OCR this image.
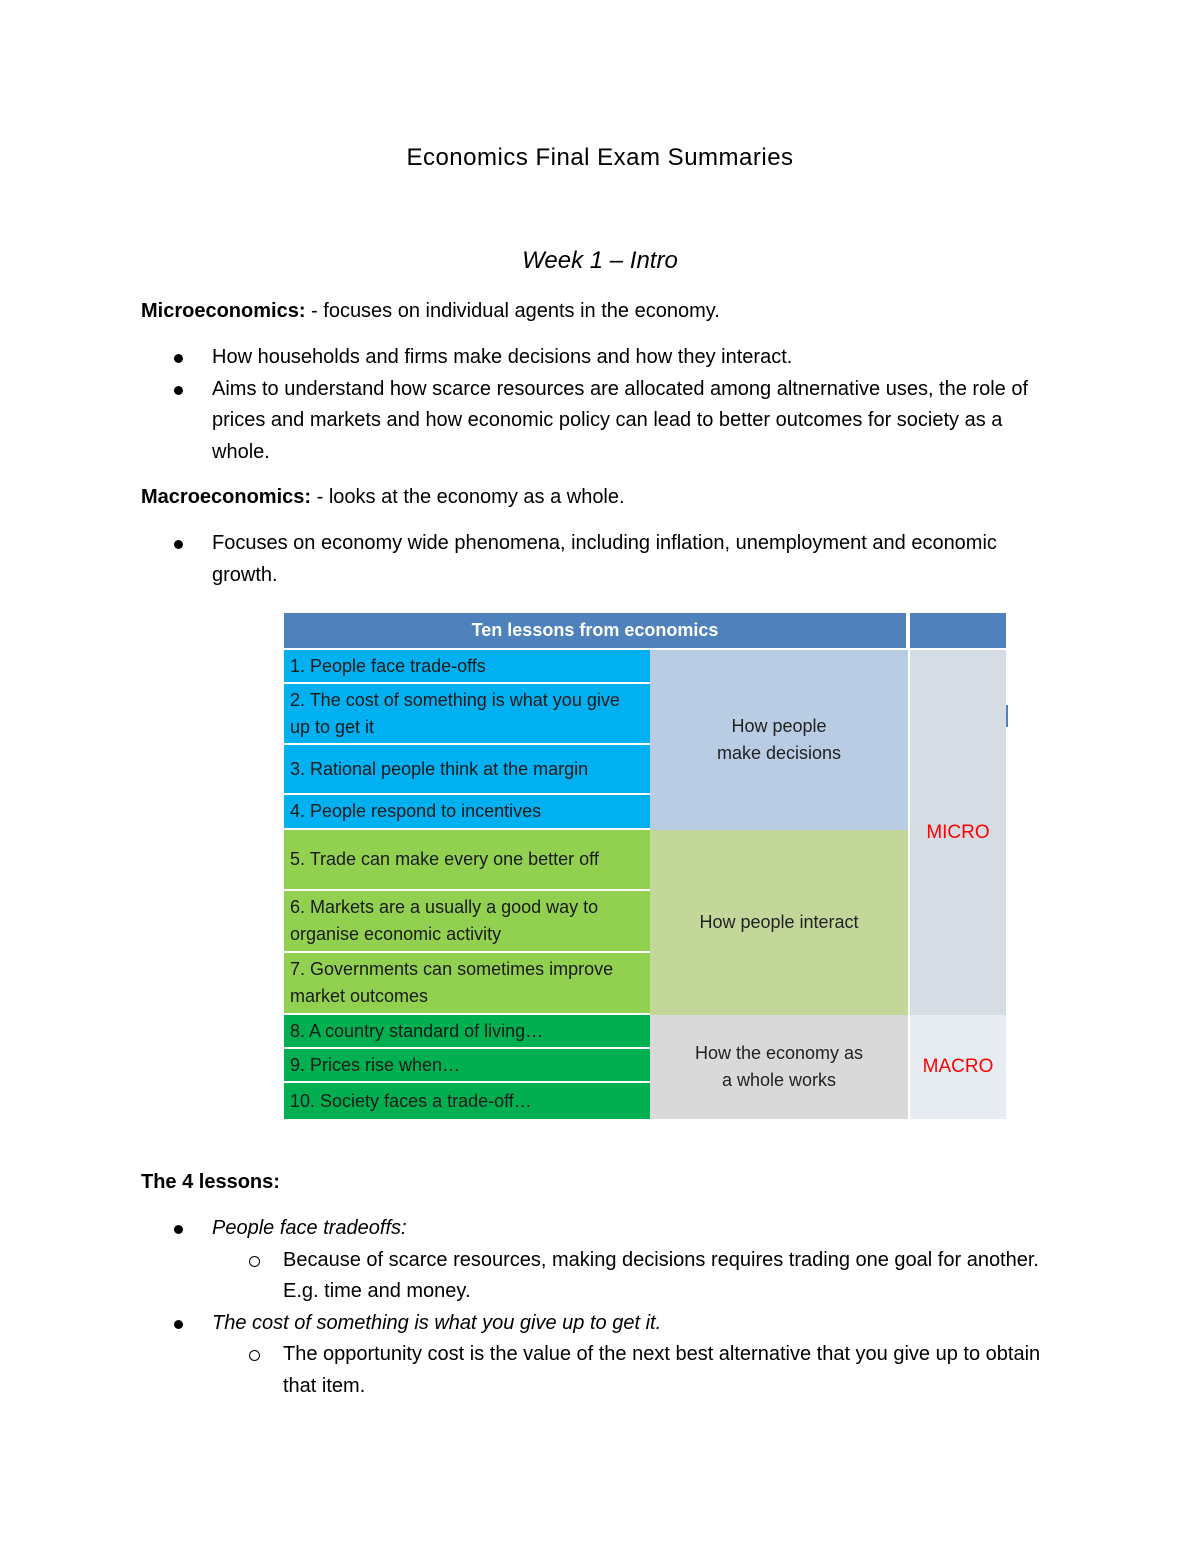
Economics Final Exam Summaries
Week 1 – Intro
Microeconomics: - focuses on individual agents in the economy.
How households and firms make decisions and how they interact.
Aims to understand how scarce resources are allocated among altnernative uses, the role of prices and markets and how economic policy can lead to better outcomes for society as a whole.
Macroeconomics: - looks at the economy as a whole.
Focuses on economy wide phenomena, including inflation, unemployment and economic growth.
Ten lessons from economics
1. People face trade-offs
2. The cost of something is what you give up to get it
3. Rational people think at the margin
4. People respond to incentives
5. Trade can make every one better off
6. Markets are a usually a good way to organise economic activity
7. Governments can sometimes improve market outcomes
8. A country standard of living…
9. Prices rise when…
10. Society faces a trade-off…
How people make decisions
How people interact
How the economy as a whole works
MICRO
MACRO
The 4 lessons:
People face tradeoffs:
Because of scarce resources, making decisions requires trading one goal for another. E.g. time and money.
The cost of something is what you give up to get it.
The opportunity cost is the value of the next best alternative that you give up to obtain that item.
